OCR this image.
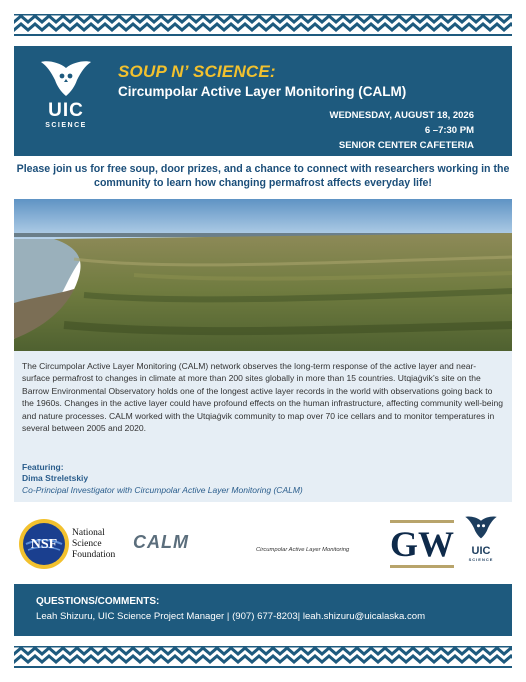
UIC
SCIENCE
SOUP N’ SCIENCE:
Circumpolar Active Layer Monitoring (CALM)
WEDNESDAY, AUGUST 18, 2026
6 –7:30 PM
SENIOR CENTER CAFETERIA
Please join us for free soup, door prizes, and a chance to connect with researchers working in the community to learn how changing permafrost affects everyday life!
The Circumpolar Active Layer Monitoring (CALM) network observes the long-term response of the active layer and near-surface permafrost to changes in climate at more than 200 sites globally in more than 15 countries. Utqiaġvik’s site on the Barrow Environmental Observatory holds one of the longest active layer records in the world with observations going back to the 1960s. Changes in the active layer could have profound effects on the human infrastructure, affecting community well-being and nature processes. CALM worked with the Utqiaġvik community to map over 70 ice cellars and to monitor temperatures in several between 2005 and 2020.
Featuring:
Dima Streletskiy
Co-Principal Investigator with Circumpolar Active Layer Monitoring (CALM)
NSF
National
Science
Foundation
CALM	Circumpolar Active Layer Monitoring GW	UIC
SCIENCE
QUESTIONS/COMMENTS:
Leah Shizuru, UIC Science Project Manager | (907) 677-8203| leah.shizuru@uicalaska.com
